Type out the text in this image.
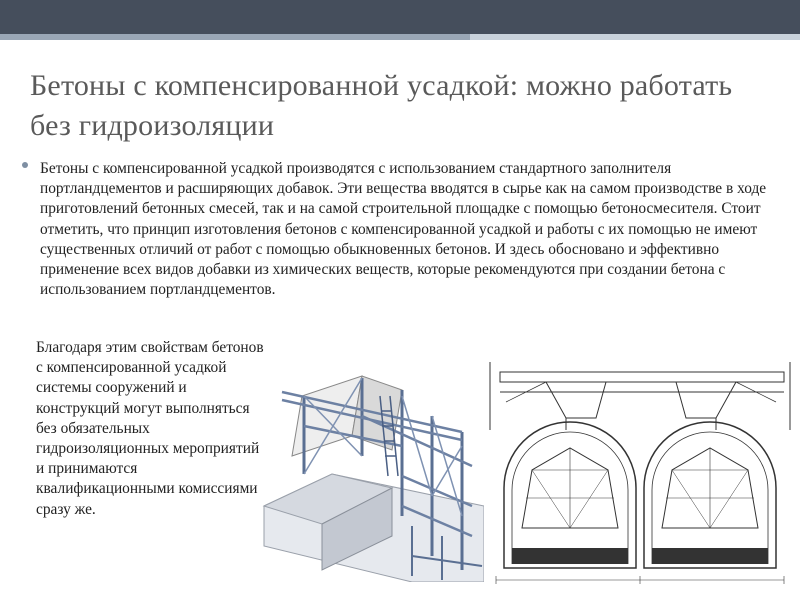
Бетоны с компенсированной усадкой: можно работать без гидроизоляции

Бетоны с компенсированной усадкой производятся с использованием стандартного заполнителя портландцементов и расширяющих добавок. Эти вещества вводятся в сырье как на самом производстве в ходе приготовлений бетонных смесей, так и на самой строительной площадке с помощью бетоносмесителя. Стоит отметить, что принцип изготовления бетонов с компенсированной усадкой и работы с их помощью не имеют существенных отличий от работ с помощью обыкновенных бетонов. И здесь обосновано и эффективно применение всех видов добавки из химических веществ, которые рекомендуются при создании бетона с использованием портландцементов.

Благодаря этим свойствам бетонов с компенсированной усадкой системы сооружений и конструкций могут выполняться без обязательных гидроизоляционных мероприятий и принимаются квалификационными комиссиями сразу же.
